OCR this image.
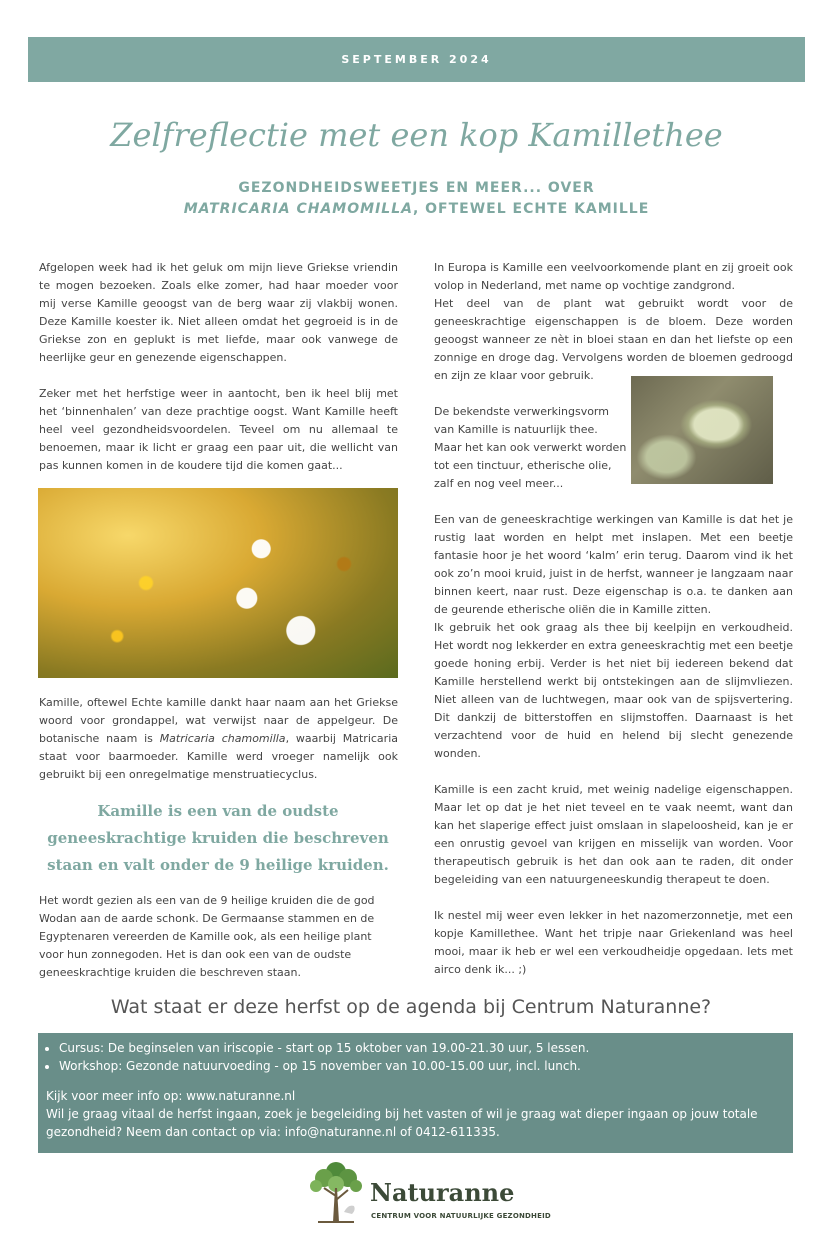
SEPTEMBER 2024
Zelfreflectie met een kop Kamillethee
GEZONDHEIDSWEETJES EN MEER... OVER
MATRICARIA CHAMOMILLA, OFTEWEL ECHTE KAMILLE

Afgelopen week had ik het geluk om mijn lieve Griekse vriendin te mogen bezoeken. Zoals elke zomer, had haar moeder voor mij verse Kamille geoogst van de berg waar zij vlakbij wonen. Deze Kamille koester ik. Niet alleen omdat het gegroeid is in de Griekse zon en geplukt is met liefde, maar ook vanwege de heerlijke geur en genezende eigenschappen.

Zeker met het herfstige weer in aantocht, ben ik heel blij met het ‘binnenhalen’ van deze prachtige oogst. Want Kamille heeft heel veel gezondheidsvoordelen. Teveel om nu allemaal te benoemen, maar ik licht er graag een paar uit, die wellicht van pas kunnen komen in de koudere tijd die komen gaat...

Kamille, oftewel Echte kamille dankt haar naam aan het Griekse woord voor grondappel, wat verwijst naar de appelgeur. De botanische naam is Matricaria chamomilla, waarbij Matricaria staat voor baarmoeder. Kamille werd vroeger namelijk ook gebruikt bij een onregelmatige menstruatiecyclus.

Kamille is een van de oudste geneeskrachtige kruiden die beschreven staan en valt onder de 9 heilige kruiden.

Het wordt gezien als een van de 9 heilige kruiden die de god Wodan aan de aarde schonk. De Germaanse stammen en de Egyptenaren vereerden de Kamille ook, als een heilige plant voor hun zonnegoden. Het is dan ook een van de oudste geneeskrachtige kruiden die beschreven staan.

In Europa is Kamille een veelvoorkomende plant en zij groeit ook volop in Nederland, met name op vochtige zandgrond.

Het deel van de plant wat gebruikt wordt voor de geneeskrachtige eigenschappen is de bloem. Deze worden geoogst wanneer ze nèt in bloei staan en dan het liefste op een zonnige en droge dag. Vervolgens worden de bloemen gedroogd en zijn ze klaar voor gebruik.

De bekendste verwerkingsvorm
van Kamille is natuurlijk thee.
Maar het kan ook verwerkt worden
tot een tinctuur, etherische olie,
zalf en nog veel meer...

Een van de geneeskrachtige werkingen van Kamille is dat het je rustig laat worden en helpt met inslapen. Met een beetje fantasie hoor je het woord ‘kalm’ erin terug. Daarom vind ik het ook zo’n mooi kruid, juist in de herfst, wanneer je langzaam naar binnen keert, naar rust. Deze eigenschap is o.a. te danken aan de geurende etherische oliën die in Kamille zitten.

Ik gebruik het ook graag als thee bij keelpijn en verkoudheid. Het wordt nog lekkerder en extra geneeskrachtig met een beetje goede honing erbij. Verder is het niet bij iedereen bekend dat Kamille herstellend werkt bij ontstekingen aan de slijmvliezen. Niet alleen van de luchtwegen, maar ook van de spijsvertering. Dit dankzij de bitterstoffen en slijmstoffen. Daarnaast is het verzachtend voor de huid en helend bij slecht genezende wonden.

Kamille is een zacht kruid, met weinig nadelige eigenschappen. Maar let op dat je het niet teveel en te vaak neemt, want dan kan het slaperige effect juist omslaan in slapeloosheid, kan je er een onrustig gevoel van krijgen en misselijk van worden. Voor therapeutisch gebruik is het dan ook aan te raden, dit onder begeleiding van een natuurgeneeskundig therapeut te doen.

Ik nestel mij weer even lekker in het nazomerzonnetje, met een kopje Kamillethee. Want het tripje naar Griekenland was heel mooi, maar ik heb er wel een verkoudheidje opgedaan. Iets met airco denk ik... ;)

Wat staat er deze herfst op de agenda bij Centrum Naturanne?
• Cursus: De beginselen van iriscopie - start op 15 oktober van 19.00-21.30 uur, 5 lessen.
• Workshop: Gezonde natuurvoeding - op 15 november van 10.00-15.00 uur, incl. lunch.

Kijk voor meer info op: www.naturanne.nl

Wil je graag vitaal de herfst ingaan, zoek je begeleiding bij het vasten of wil je graag wat dieper ingaan op jouw totale gezondheid? Neem dan contact op via: info@naturanne.nl of 0412-611335.

Naturanne
CENTRUM VOOR NATUURLIJKE GEZONDHEID
